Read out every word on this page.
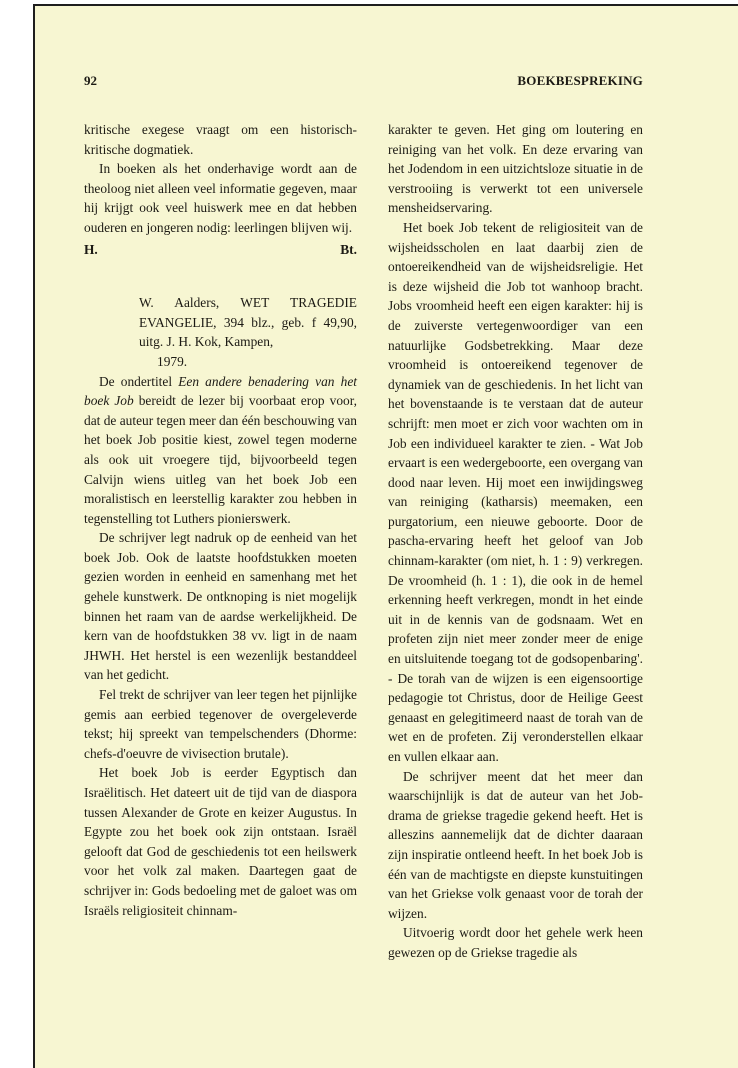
92	BOEKBESPREKING

kritische exegese vraagt om een historisch-kritische dogmatiek.

In boeken als het onderhavige wordt aan de theoloog niet alleen veel informatie gegeven, maar hij krijgt ook veel huiswerk mee en dat hebben ouderen en jongeren nodig: leerlingen blijven wij.

H.	Bt.
W. Aalders, WET TRAGEDIE EVANGELIE, 394 blz., geb. f 49,90, uitg. J. H. Kok, Kampen,
1979.

De ondertitel Een andere benadering van het boek Job bereidt de lezer bij voorbaat erop voor, dat de auteur tegen meer dan één beschouwing van het boek Job positie kiest, zowel tegen moderne als ook uit vroegere tijd, bijvoorbeeld tegen Calvijn wiens uitleg van het boek Job een moralistisch en leerstellig karakter zou hebben in tegenstelling tot Luthers pionierswerk.

De schrijver legt nadruk op de eenheid van het boek Job. Ook de laatste hoofdstukken moeten gezien worden in eenheid en samenhang met het gehele kunstwerk. De ontknoping is niet mogelijk binnen het raam van de aardse werkelijkheid. De kern van de hoofdstukken 38 vv. ligt in de naam JHWH. Het herstel is een wezenlijk bestanddeel van het gedicht.

Fel trekt de schrijver van leer tegen het pijnlijke gemis aan eerbied tegenover de overgeleverde tekst; hij spreekt van tempelschenders (Dhorme: chefs-d'oeuvre de vivisection brutale).

Het boek Job is eerder Egyptisch dan Israëlitisch. Het dateert uit de tijd van de diaspora tussen Alexander de Grote en keizer Augustus. In Egypte zou het boek ook zijn ontstaan. Israël gelooft dat God de geschiedenis tot een heilswerk voor het volk zal maken. Daartegen gaat de schrijver in: Gods bedoeling met de galoet was om Israëls religiositeit chinnam-

karakter te geven. Het ging om loutering en reiniging van het volk. En deze ervaring van het Jodendom in een uitzichtsloze situatie in de verstrooiing is verwerkt tot een universele mensheidservaring.

Het boek Job tekent de religiositeit van de wijsheidsscholen en laat daarbij zien de ontoereikendheid van de wijsheidsreligie. Het is deze wijsheid die Job tot wanhoop bracht. Jobs vroomheid heeft een eigen karakter: hij is de zuiverste vertegenwoordiger van een natuurlijke Godsbetrekking. Maar deze vroomheid is ontoereikend tegenover de dynamiek van de geschiedenis. In het licht van het bovenstaande is te verstaan dat de auteur schrijft: men moet er zich voor wachten om in Job een individueel karakter te zien. - Wat Job ervaart is een wedergeboorte, een overgang van dood naar leven. Hij moet een inwijdingsweg van reiniging (katharsis) meemaken, een purgatorium, een nieuwe geboorte. Door de pascha-ervaring heeft het geloof van Job chinnam-karakter (om niet, h. 1 : 9) verkregen. De vroomheid (h. 1 : 1), die ook in de hemel erkenning heeft verkregen, mondt in het einde uit in de kennis van de godsnaam. Wet en profeten zijn niet meer zonder meer de enige en uitsluitende toegang tot de godsopenbaring'. - De torah van de wijzen is een eigensoortige pedagogie tot Christus, door de Heilige Geest genaast en gelegitimeerd naast de torah van de wet en de profeten. Zij veronderstellen elkaar en vullen elkaar aan.

De schrijver meent dat het meer dan waarschijnlijk is dat de auteur van het Job-drama de griekse tragedie gekend heeft. Het is alleszins aannemelijk dat de dichter daaraan zijn inspiratie ontleend heeft. In het boek Job is één van de machtigste en diepste kunstuitingen van het Griekse volk genaast voor de torah der wijzen.

Uitvoerig wordt door het gehele werk heen gewezen op de Griekse tragedie als
